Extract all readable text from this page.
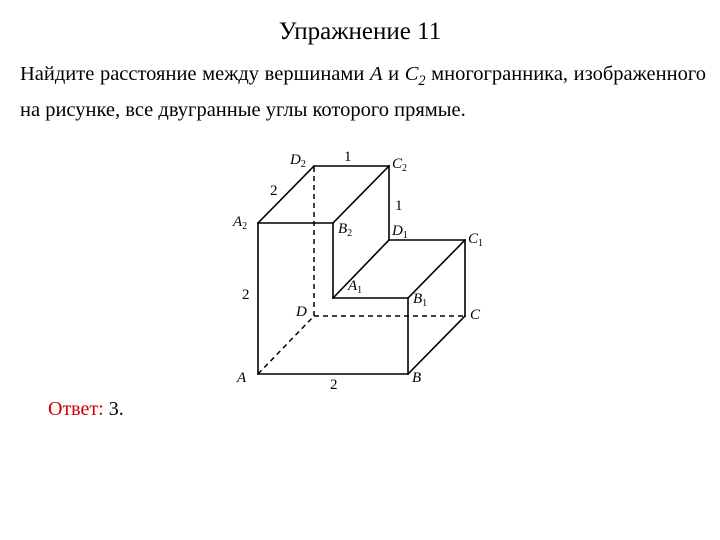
Упражнение 11
Найдите расстояние между вершинами A и $C_2$ многогранника, изображенного на рисунке, все двугранные углы которого прямые.
$D_2$	$C_2$
$A_2$	$B_2$	$D_1$	$C_1$
$A_1$
$B_1$
D	C
A	B
1
2
1
2
2
Ответ: 3.
